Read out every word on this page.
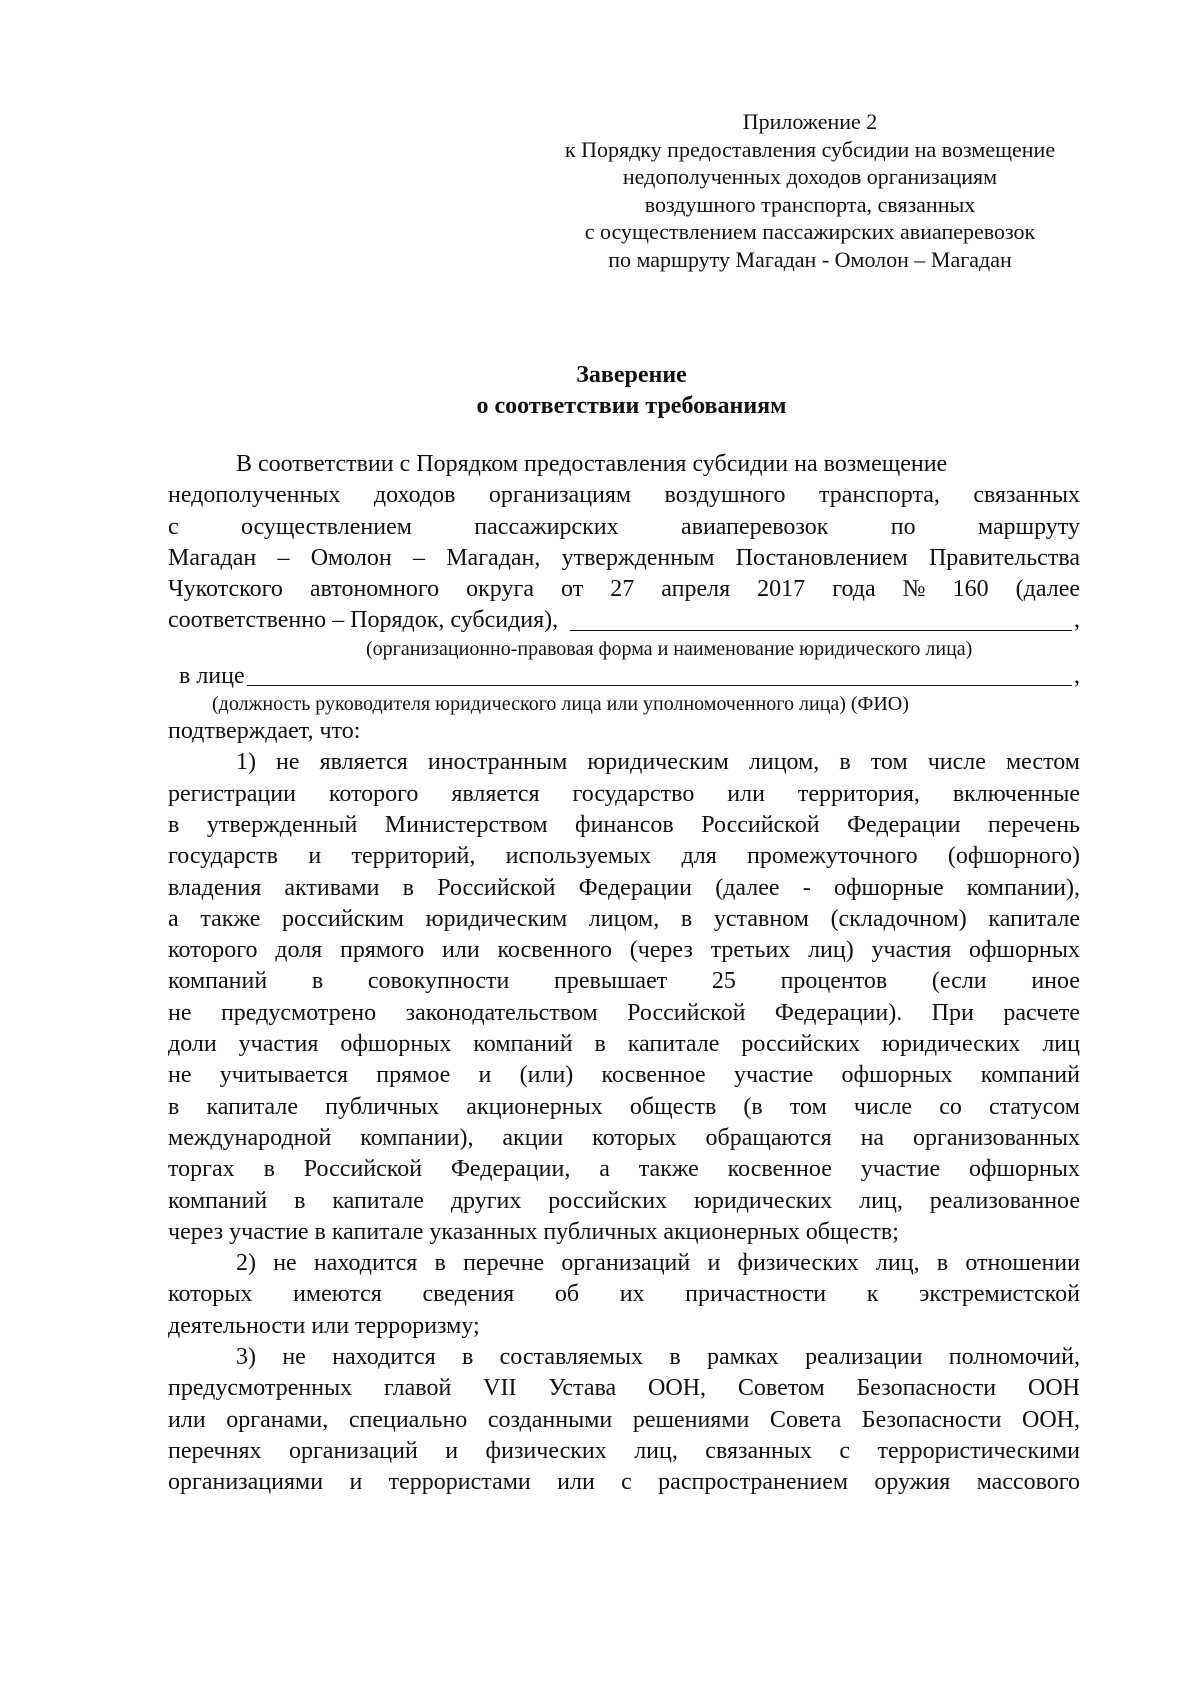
Приложение 2
к Порядку предоставления субсидии на возмещение
недополученных доходов организациям
воздушного транспорта, связанных
с осуществлением пассажирских авиаперевозок
по маршруту Магадан - Омолон – Магадан
Заверение
о соответствии требованиям
В соответствии с Порядком предоставления субсидии на возмещение
недополученных доходов организациям воздушного транспорта, связанных
с	осуществлением	пассажирских	авиаперевозок	по	маршруту
Магадан – Омолон – Магадан, утвержденным Постановлением Правительства
Чукотского автономного округа от 27 апреля 2017 года № 160 (далее
соответственно – Порядок, субсидия),	,
(организационно-правовая форма и наименование юридического лица)
в лице	,
(должность руководителя юридического лица или уполномоченного лица) (ФИО)
подтверждает, что:
1) не является иностранным юридическим лицом, в том числе местом
регистрации которого является государство или территория, включенные
в утвержденный Министерством финансов Российской Федерации перечень
государств и территорий, используемых для промежуточного (офшорного)
владения активами в Российской Федерации (далее - офшорные компании),
а также российским юридическим лицом, в уставном (складочном) капитале
которого доля прямого или косвенного (через третьих лиц) участия офшорных
компаний в совокупности превышает 25 процентов (если иное
не предусмотрено законодательством Российской Федерации). При расчете
доли участия офшорных компаний в капитале российских юридических лиц
не учитывается прямое и (или) косвенное участие офшорных компаний
в капитале публичных акционерных обществ (в том числе со статусом
международной компании), акции которых обращаются на организованных
торгах в Российской Федерации, а также косвенное участие офшорных
компаний в капитале других российских юридических лиц, реализованное
через участие в капитале указанных публичных акционерных обществ;
2) не находится в перечне организаций и физических лиц, в отношении
которых имеются сведения об их причастности к экстремистской
деятельности или терроризму;
3) не находится в составляемых в рамках реализации полномочий,
предусмотренных главой VII Устава ООН, Советом Безопасности ООН
или органами, специально созданными решениями Совета Безопасности ООН,
перечнях организаций и физических лиц, связанных с террористическими
организациями и террористами или с распространением оружия массового
